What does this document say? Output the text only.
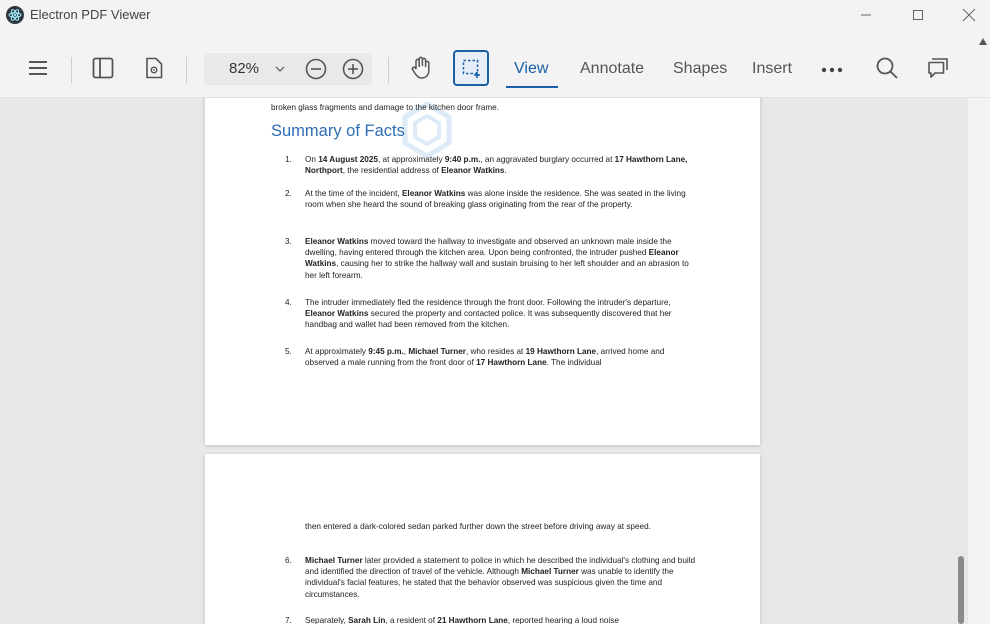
Electron PDF Viewer
82%	View Annotate Shapes Insert
broken glass fragments and damage to the kitchen door frame.
Summary of Facts
1. On 14 August 2025, at approximately 9:40 p.m., an aggravated burglary occurred at 17 Hawthorn Lane, Northport, the residential address of Eleanor Watkins.
2. At the time of the incident, Eleanor Watkins was alone inside the residence. She was seated in the living room when she heard the sound of breaking glass originating from the rear of the property.
3. Eleanor Watkins moved toward the hallway to investigate and observed an unknown male inside the dwelling, having entered through the kitchen area. Upon being confronted, the intruder pushed Eleanor Watkins, causing her to strike the hallway wall and sustain bruising to her left shoulder and an abrasion to her left forearm.
4. The intruder immediately fled the residence through the front door. Following the intruder's departure, Eleanor Watkins secured the property and contacted police. It was subsequently discovered that her handbag and wallet had been removed from the kitchen.
5. At approximately 9:45 p.m., Michael Turner, who resides at 19 Hawthorn Lane, arrived home and observed a male running from the front door of 17 Hawthorn Lane. The individual
then entered a dark-colored sedan parked further down the street before driving away at speed.
6. Michael Turner later provided a statement to police in which he described the individual's clothing and build and identified the direction of travel of the vehicle. Although Michael Turner was unable to identify the individual's facial features, he stated that the behavior observed was suspicious given the time and circumstances.
7. Separately, Sarah Lin, a resident of 21 Hawthorn Lane, reported hearing a loud noise
